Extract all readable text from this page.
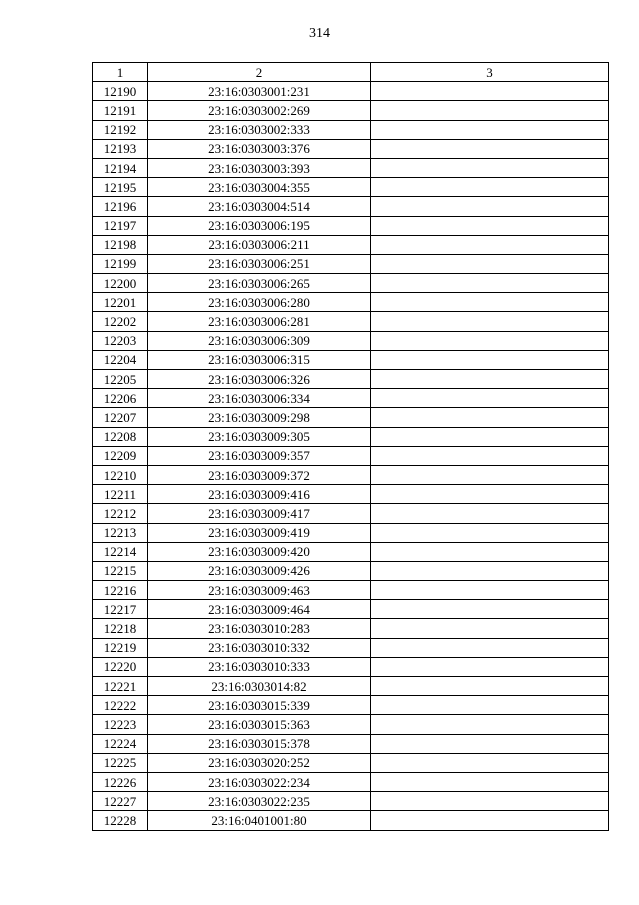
314
1	2	3
12190	23:16:0303001:231	
12191	23:16:0303002:269	
12192	23:16:0303002:333	
12193	23:16:0303003:376	
12194	23:16:0303003:393	
12195	23:16:0303004:355	
12196	23:16:0303004:514	
12197	23:16:0303006:195	
12198	23:16:0303006:211	
12199	23:16:0303006:251	
12200	23:16:0303006:265	
12201	23:16:0303006:280	
12202	23:16:0303006:281	
12203	23:16:0303006:309	
12204	23:16:0303006:315	
12205	23:16:0303006:326	
12206	23:16:0303006:334	
12207	23:16:0303009:298	
12208	23:16:0303009:305	
12209	23:16:0303009:357	
12210	23:16:0303009:372	
12211	23:16:0303009:416	
12212	23:16:0303009:417	
12213	23:16:0303009:419	
12214	23:16:0303009:420	
12215	23:16:0303009:426	
12216	23:16:0303009:463	
12217	23:16:0303009:464	
12218	23:16:0303010:283	
12219	23:16:0303010:332	
12220	23:16:0303010:333	
12221	23:16:0303014:82	
12222	23:16:0303015:339	
12223	23:16:0303015:363	
12224	23:16:0303015:378	
12225	23:16:0303020:252	
12226	23:16:0303022:234	
12227	23:16:0303022:235	
12228	23:16:0401001:80	
